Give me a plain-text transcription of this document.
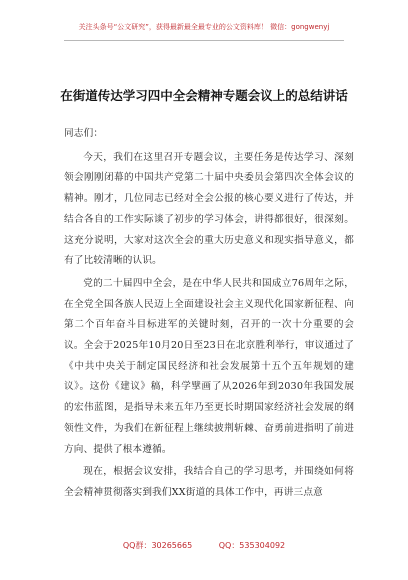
关注头条号“公文研究”，获得最新最全最专业的公文资料库！ 微信：gongwenyj
在街道传达学习四中全会精神专题会议上的总结讲话

同志们：

今天，我们在这里召开专题会议，主要任务是传达学习、深刻领会刚刚闭幕的中国共产党第二十届中央委员会第四次全体会议的精神。刚才，几位同志已经对全会公报的核心要义进行了传达，并结合各自的工作实际谈了初步的学习体会，讲得都很好，很深刻。这充分说明，大家对这次全会的重大历史意义和现实指导意义，都有了比较清晰的认识。

党的二十届四中全会，是在中华人民共和国成立76周年之际，在全党全国各族人民迈上全面建设社会主义现代化国家新征程、向第二个百年奋斗目标进军的关键时刻，召开的一次十分重要的会议。全会于2025年10月20日至23日在北京胜利举行，审议通过了《中共中央关于制定国民经济和社会发展第十五个五年规划的建议》。这份《建议》稿，科学擘画了从2026年到2030年我国发展的宏伟蓝图，是指导未来五年乃至更长时期国家经济社会发展的纲领性文件，为我们在新征程上继续披荆斩棘、奋勇前进指明了前进方向、提供了根本遵循。

现在，根据会议安排，我结合自己的学习思考，并围绕如何将全会精神贯彻落实到我们XX街道的具体工作中，再讲三点意

QQ群：30265665	QQ：535304092
